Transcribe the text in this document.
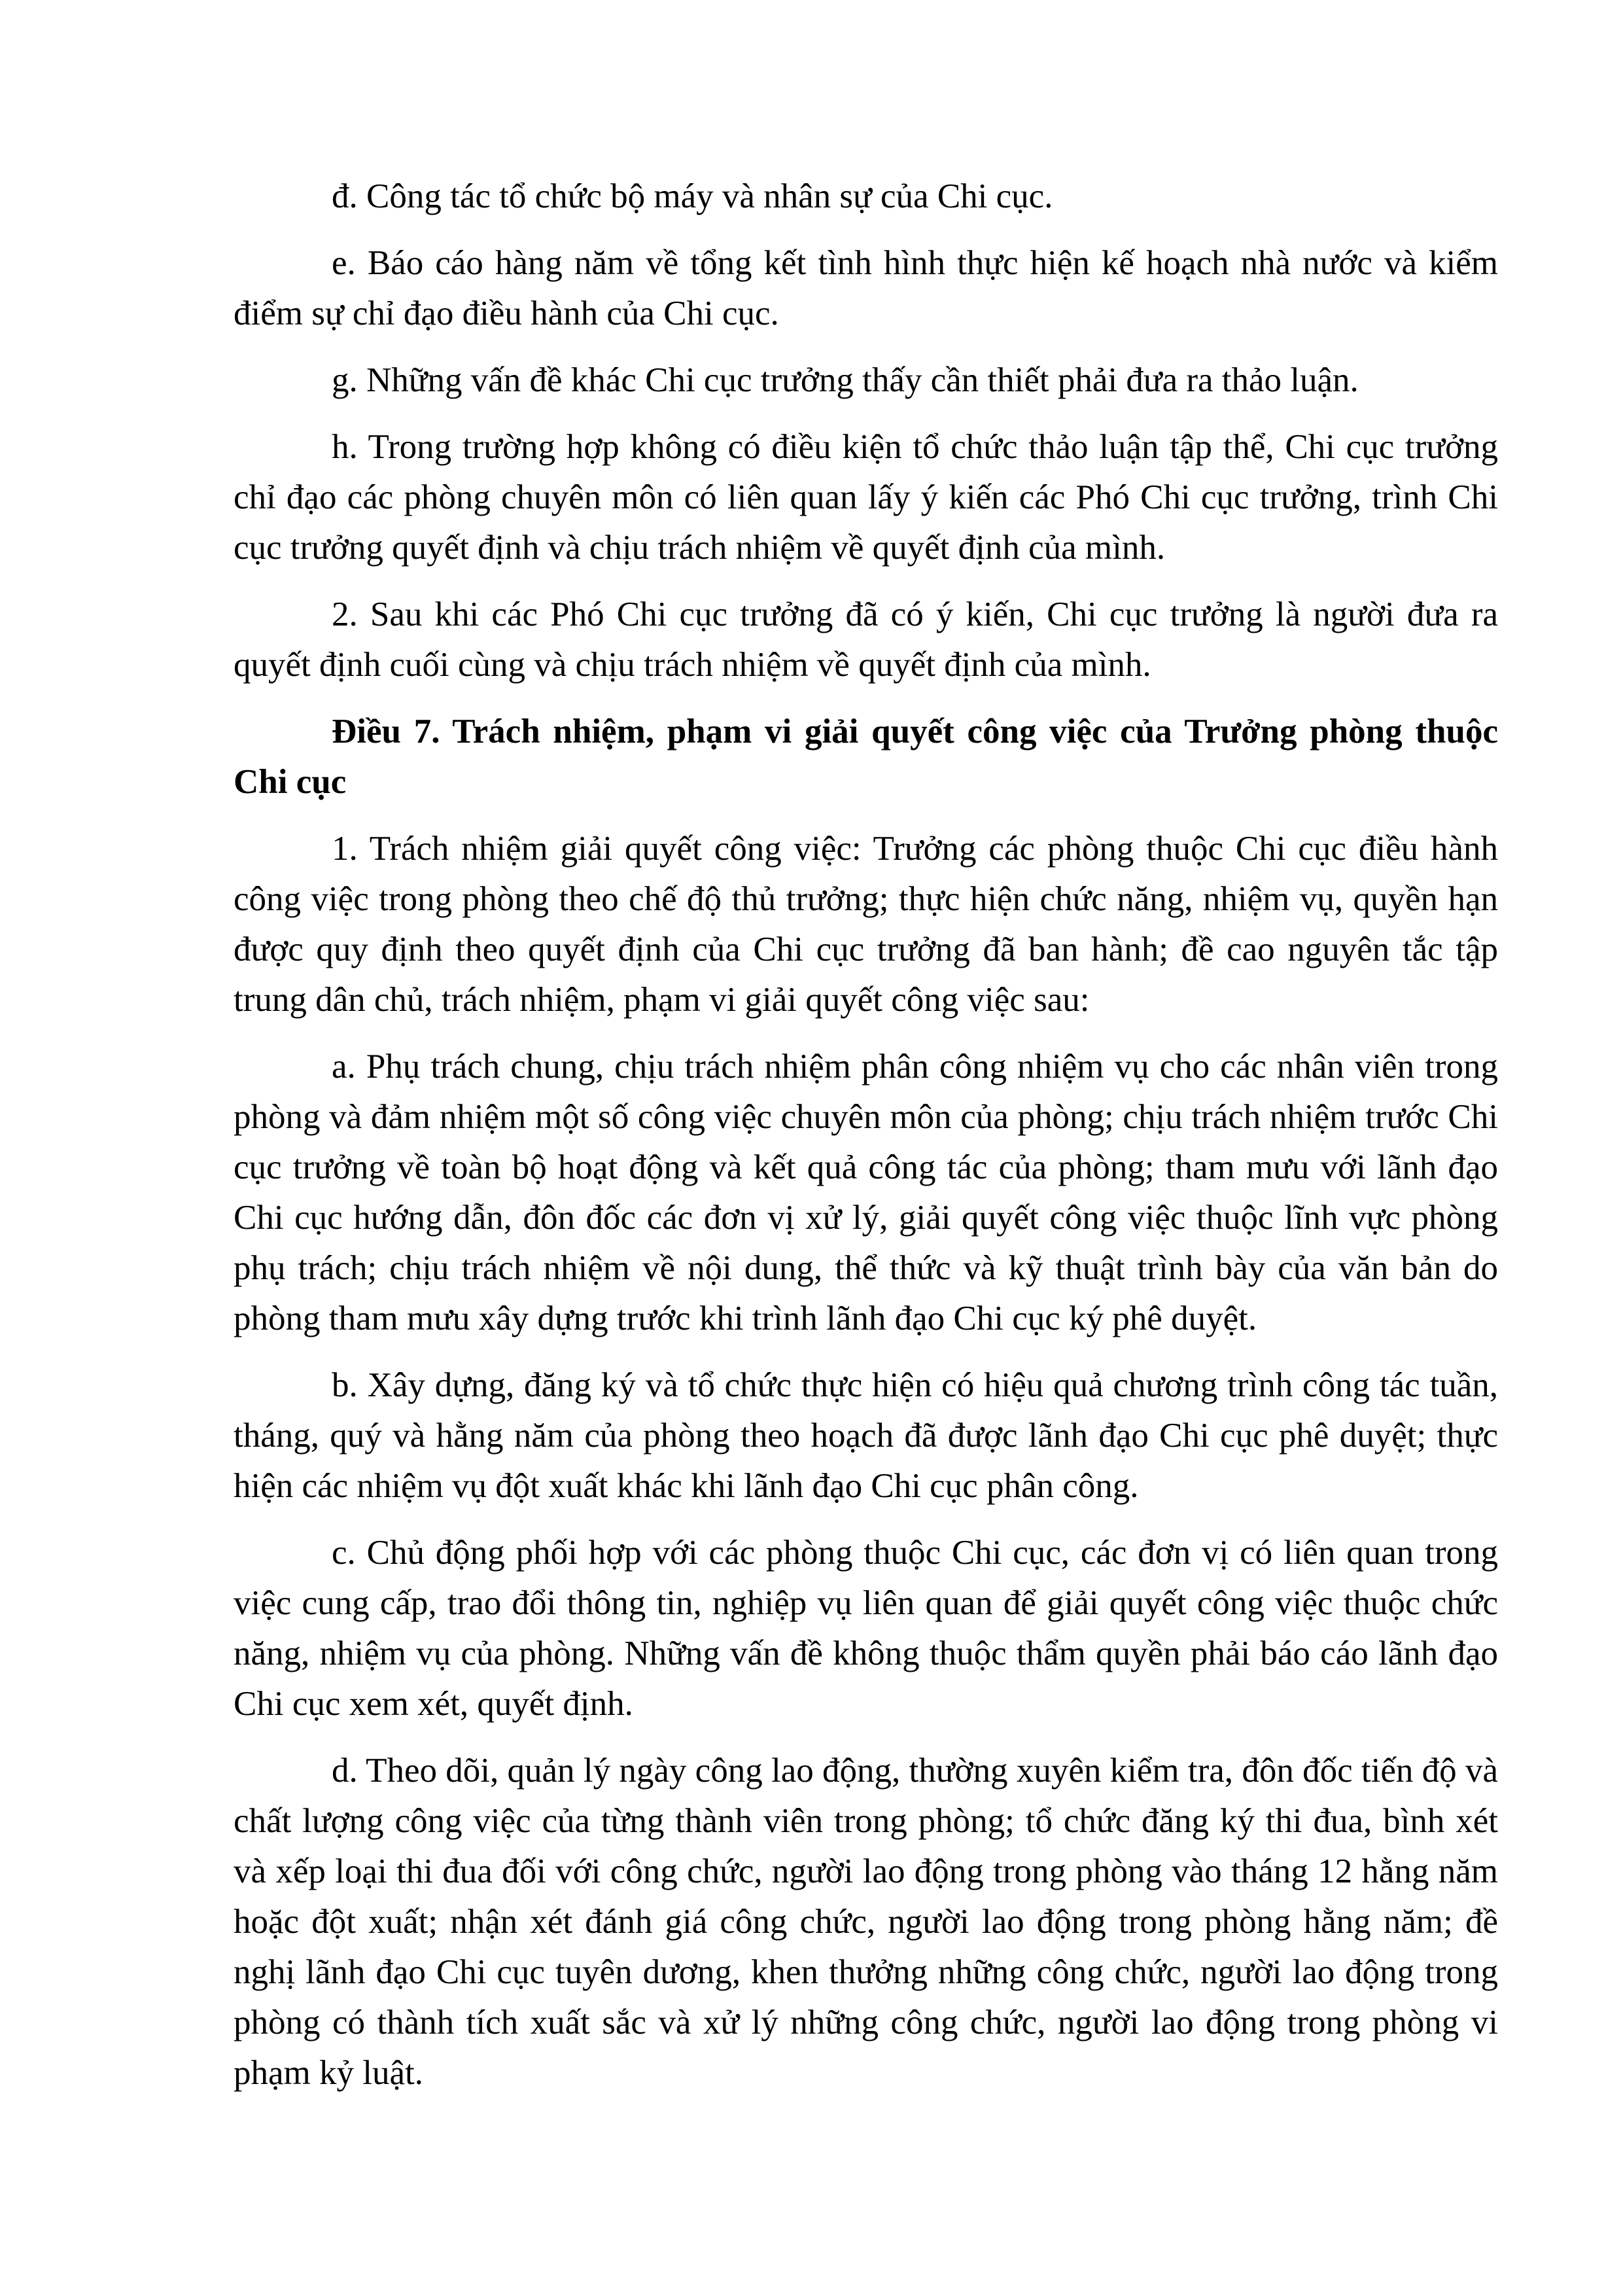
đ. Công tác tổ chức bộ máy và nhân sự của Chi cục.

e. Báo cáo hàng năm về tổng kết tình hình thực hiện kế hoạch nhà nước và kiểm điểm sự chỉ đạo điều hành của Chi cục.

g. Những vấn đề khác Chi cục trưởng thấy cần thiết phải đưa ra thảo luận.

h. Trong trường hợp không có điều kiện tổ chức thảo luận tập thể, Chi cục trưởng chỉ đạo các phòng chuyên môn có liên quan lấy ý kiến các Phó Chi cục trưởng, trình Chi cục trưởng quyết định và chịu trách nhiệm về quyết định của mình.

2. Sau khi các Phó Chi cục trưởng đã có ý kiến, Chi cục trưởng là người đưa ra quyết định cuối cùng và chịu trách nhiệm về quyết định của mình.

Điều 7. Trách nhiệm, phạm vi giải quyết công việc của Trưởng phòng thuộc Chi cục

1. Trách nhiệm giải quyết công việc: Trưởng các phòng thuộc Chi cục điều hành công việc trong phòng theo chế độ thủ trưởng; thực hiện chức năng, nhiệm vụ, quyền hạn được quy định theo quyết định của Chi cục trưởng đã ban hành; đề cao nguyên tắc tập trung dân chủ, trách nhiệm, phạm vi giải quyết công việc sau:

a. Phụ trách chung, chịu trách nhiệm phân công nhiệm vụ cho các nhân viên trong phòng và đảm nhiệm một số công việc chuyên môn của phòng; chịu trách nhiệm trước Chi cục trưởng về toàn bộ hoạt động và kết quả công tác của phòng; tham mưu với lãnh đạo Chi cục hướng dẫn, đôn đốc các đơn vị xử lý, giải quyết công việc thuộc lĩnh vực phòng phụ trách; chịu trách nhiệm về nội dung, thể thức và kỹ thuật trình bày của văn bản do phòng tham mưu xây dựng trước khi trình lãnh đạo Chi cục ký phê duyệt.

b. Xây dựng, đăng ký và tổ chức thực hiện có hiệu quả chương trình công tác tuần, tháng, quý và hằng năm của phòng theo hoạch đã được lãnh đạo Chi cục phê duyệt; thực hiện các nhiệm vụ đột xuất khác khi lãnh đạo Chi cục phân công.

c. Chủ động phối hợp với các phòng thuộc Chi cục, các đơn vị có liên quan trong việc cung cấp, trao đổi thông tin, nghiệp vụ liên quan để giải quyết công việc thuộc chức năng, nhiệm vụ của phòng. Những vấn đề không thuộc thẩm quyền phải báo cáo lãnh đạo Chi cục xem xét, quyết định.

d. Theo dõi, quản lý ngày công lao động, thường xuyên kiểm tra, đôn đốc tiến độ và chất lượng công việc của từng thành viên trong phòng; tổ chức đăng ký thi đua, bình xét và xếp loại thi đua đối với công chức, người lao động trong phòng vào tháng 12 hằng năm hoặc đột xuất; nhận xét đánh giá công chức, người lao động trong phòng hằng năm; đề nghị lãnh đạo Chi cục tuyên dương, khen thưởng những công chức, người lao động trong phòng có thành tích xuất sắc và xử lý những công chức, người lao động trong phòng vi phạm kỷ luật.
